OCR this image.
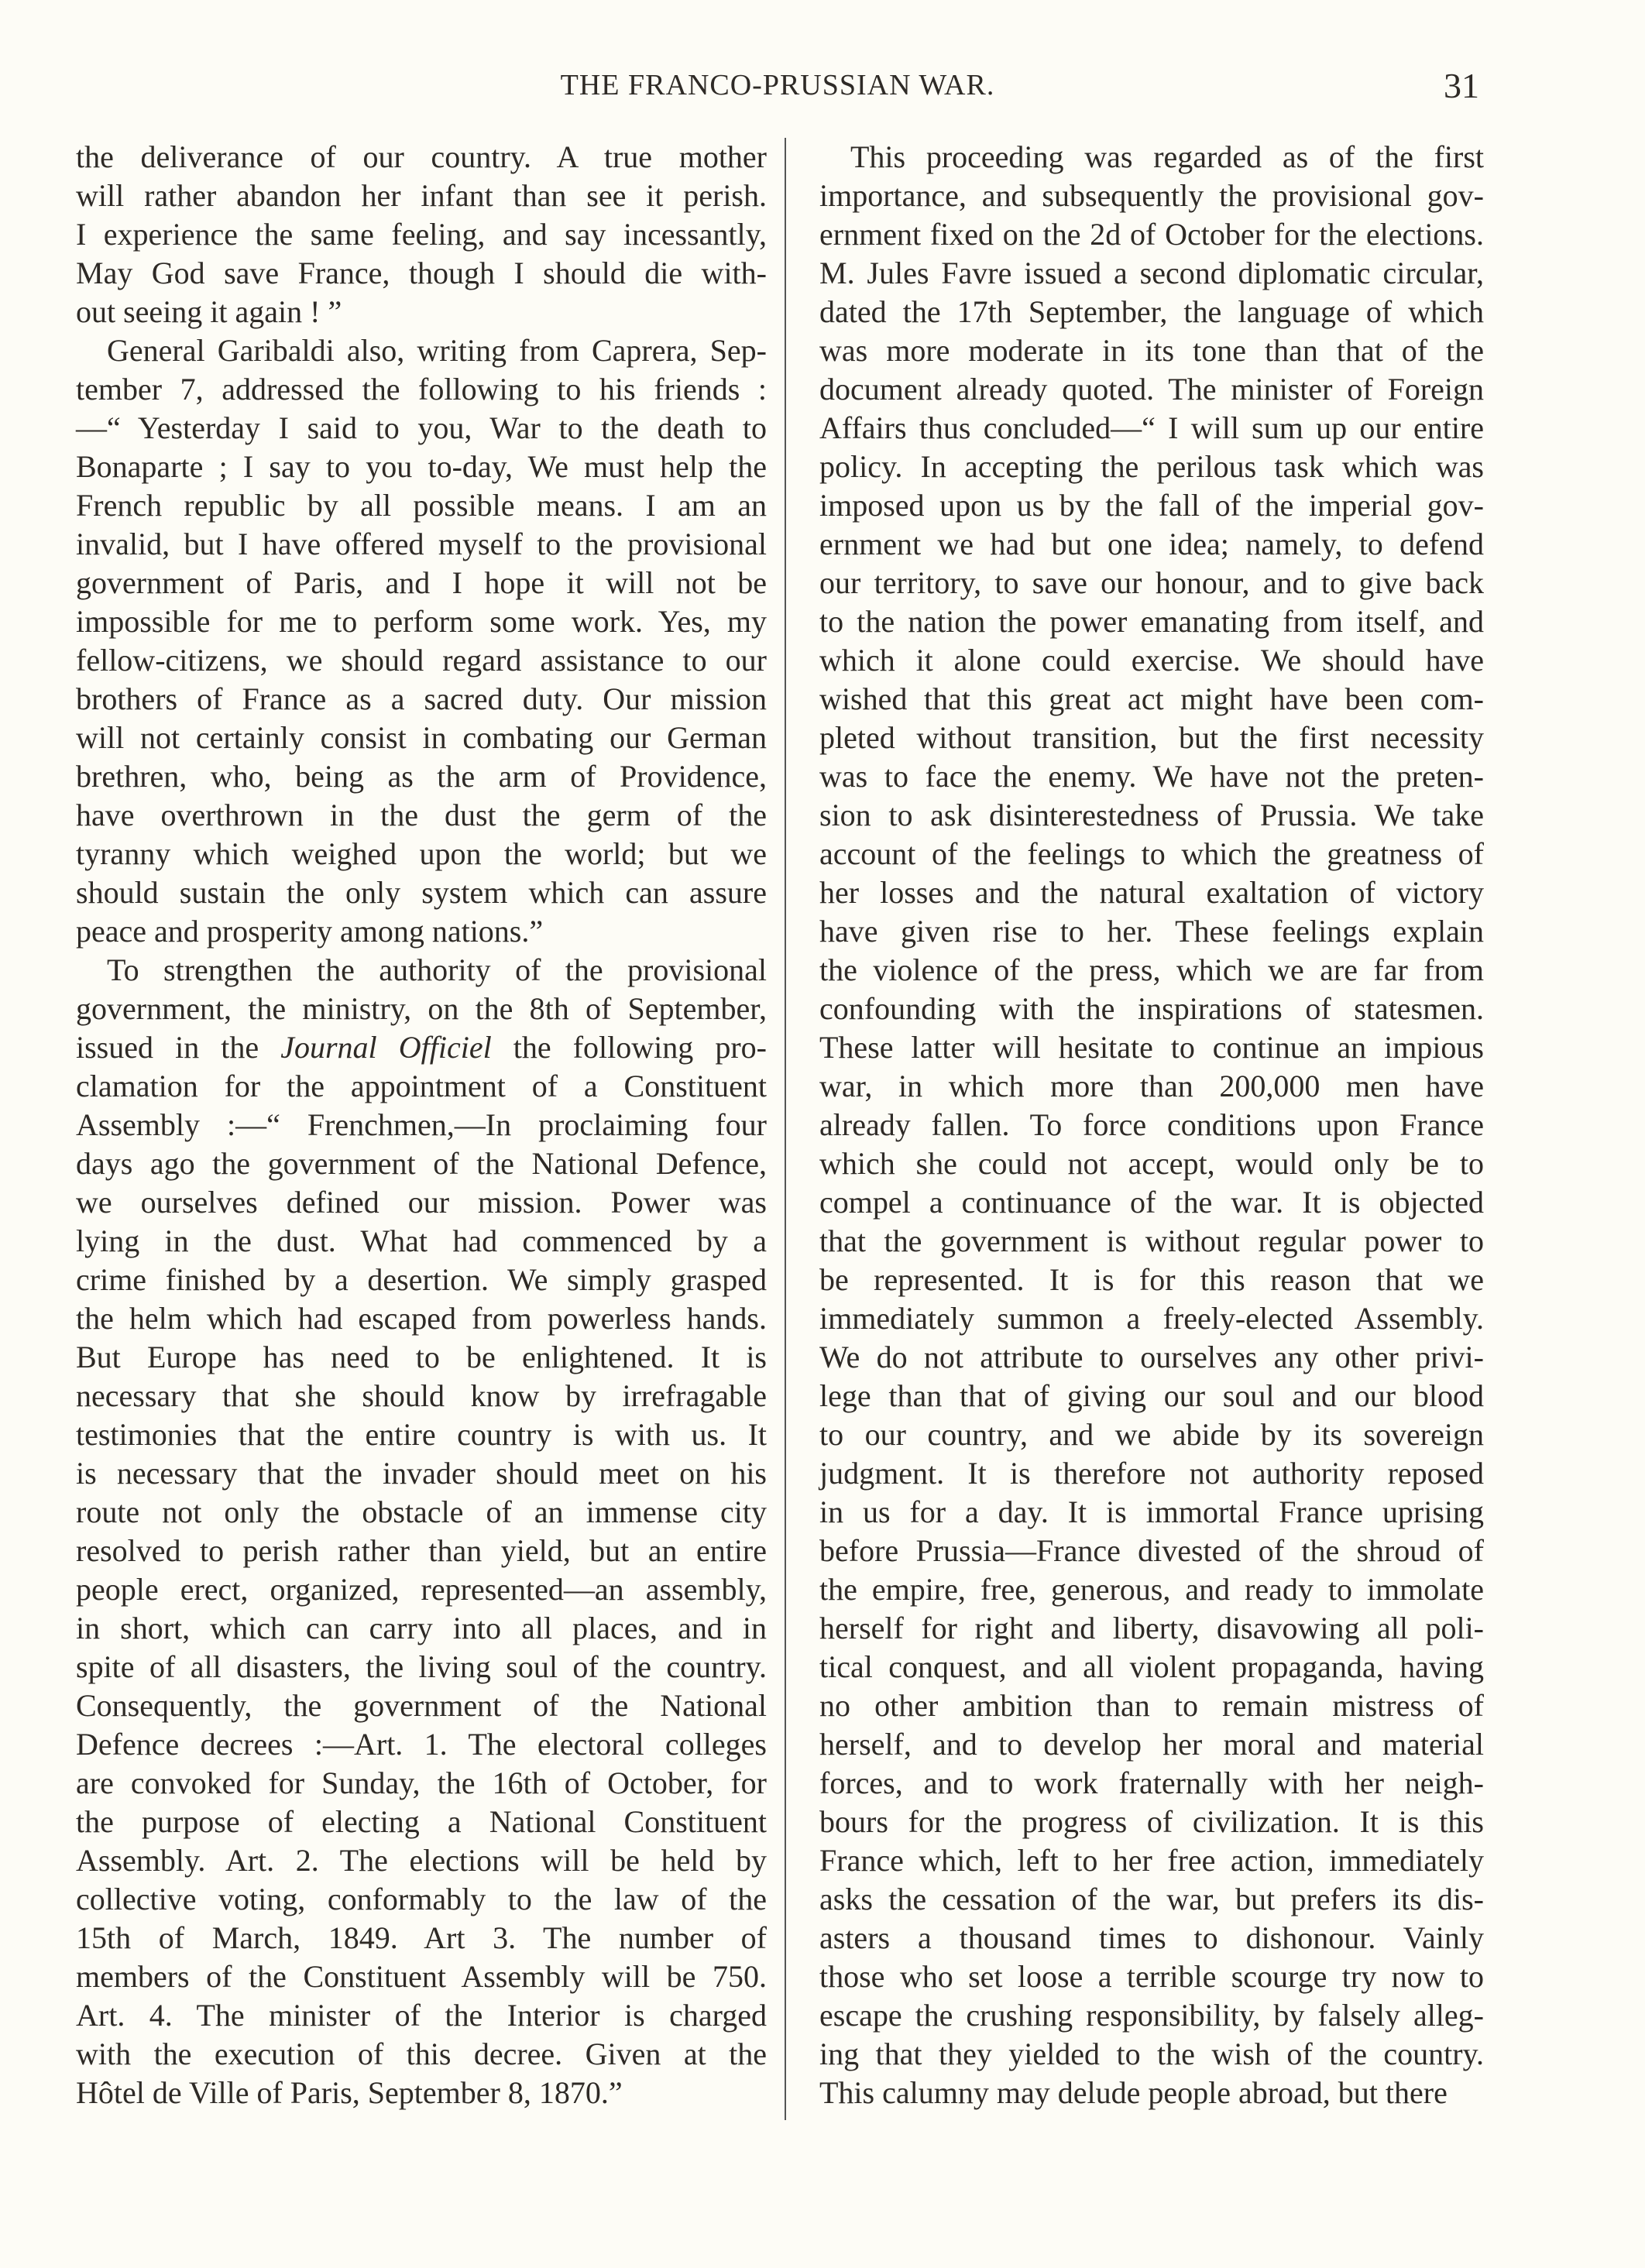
THE FRANCO-PRUSSIAN WAR.	31
the deliverance of our country. A true mother
will rather abandon her infant than see it perish.
I experience the same feeling, and say incessantly,
May God save France, though I should die with-
out seeing it again ! ”
General Garibaldi also, writing from Caprera, Sep-
tember 7, addressed the following to his friends :
—“ Yesterday I said to you, War to the death to
Bonaparte ; I say to you to-day, We must help the
French republic by all possible means. I am an
invalid, but I have offered myself to the provisional
government of Paris, and I hope it will not be
impossible for me to perform some work. Yes, my
fellow-citizens, we should regard assistance to our
brothers of France as a sacred duty. Our mission
will not certainly consist in combating our German
brethren, who, being as the arm of Providence,
have overthrown in the dust the germ of the
tyranny which weighed upon the world; but we
should sustain the only system which can assure
peace and prosperity among nations.”
To strengthen the authority of the provisional
government, the ministry, on the 8th of September,
issued in the Journal Officiel the following pro-
clamation for the appointment of a Constituent
Assembly :—“ Frenchmen,—In proclaiming four
days ago the government of the National Defence,
we ourselves defined our mission. Power was
lying in the dust. What had commenced by a
crime finished by a desertion. We simply grasped
the helm which had escaped from powerless hands.
But Europe has need to be enlightened. It is
necessary that she should know by irrefragable
testimonies that the entire country is with us. It
is necessary that the invader should meet on his
route not only the obstacle of an immense city
resolved to perish rather than yield, but an entire
people erect, organized, represented—an assembly,
in short, which can carry into all places, and in
spite of all disasters, the living soul of the country.
Consequently, the government of the National
Defence decrees :—Art. 1. The electoral colleges
are convoked for Sunday, the 16th of October, for
the purpose of electing a National Constituent
Assembly. Art. 2. The elections will be held by
collective voting, conformably to the law of the
15th of March, 1849. Art 3. The number of
members of the Constituent Assembly will be 750.
Art. 4. The minister of the Interior is charged
with the execution of this decree. Given at the
Hôtel de Ville of Paris, September 8, 1870.”
This proceeding was regarded as of the first
importance, and subsequently the provisional gov-
ernment fixed on the 2d of October for the elections.
M. Jules Favre issued a second diplomatic circular,
dated the 17th September, the language of which
was more moderate in its tone than that of the
document already quoted. The minister of Foreign
Affairs thus concluded—“ I will sum up our entire
policy. In accepting the perilous task which was
imposed upon us by the fall of the imperial gov-
ernment we had but one idea; namely, to defend
our territory, to save our honour, and to give back
to the nation the power emanating from itself, and
which it alone could exercise. We should have
wished that this great act might have been com-
pleted without transition, but the first necessity
was to face the enemy. We have not the preten-
sion to ask disinterestedness of Prussia. We take
account of the feelings to which the greatness of
her losses and the natural exaltation of victory
have given rise to her. These feelings explain
the violence of the press, which we are far from
confounding with the inspirations of statesmen.
These latter will hesitate to continue an impious
war, in which more than 200,000 men have
already fallen. To force conditions upon France
which she could not accept, would only be to
compel a continuance of the war. It is objected
that the government is without regular power to
be represented. It is for this reason that we
immediately summon a freely-elected Assembly.
We do not attribute to ourselves any other privi-
lege than that of giving our soul and our blood
to our country, and we abide by its sovereign
judgment. It is therefore not authority reposed
in us for a day. It is immortal France uprising
before Prussia—France divested of the shroud of
the empire, free, generous, and ready to immolate
herself for right and liberty, disavowing all poli-
tical conquest, and all violent propaganda, having
no other ambition than to remain mistress of
herself, and to develop her moral and material
forces, and to work fraternally with her neigh-
bours for the progress of civilization. It is this
France which, left to her free action, immediately
asks the cessation of the war, but prefers its dis-
asters a thousand times to dishonour. Vainly
those who set loose a terrible scourge try now to
escape the crushing responsibility, by falsely alleg-
ing that they yielded to the wish of the country.
This calumny may delude people abroad, but there
